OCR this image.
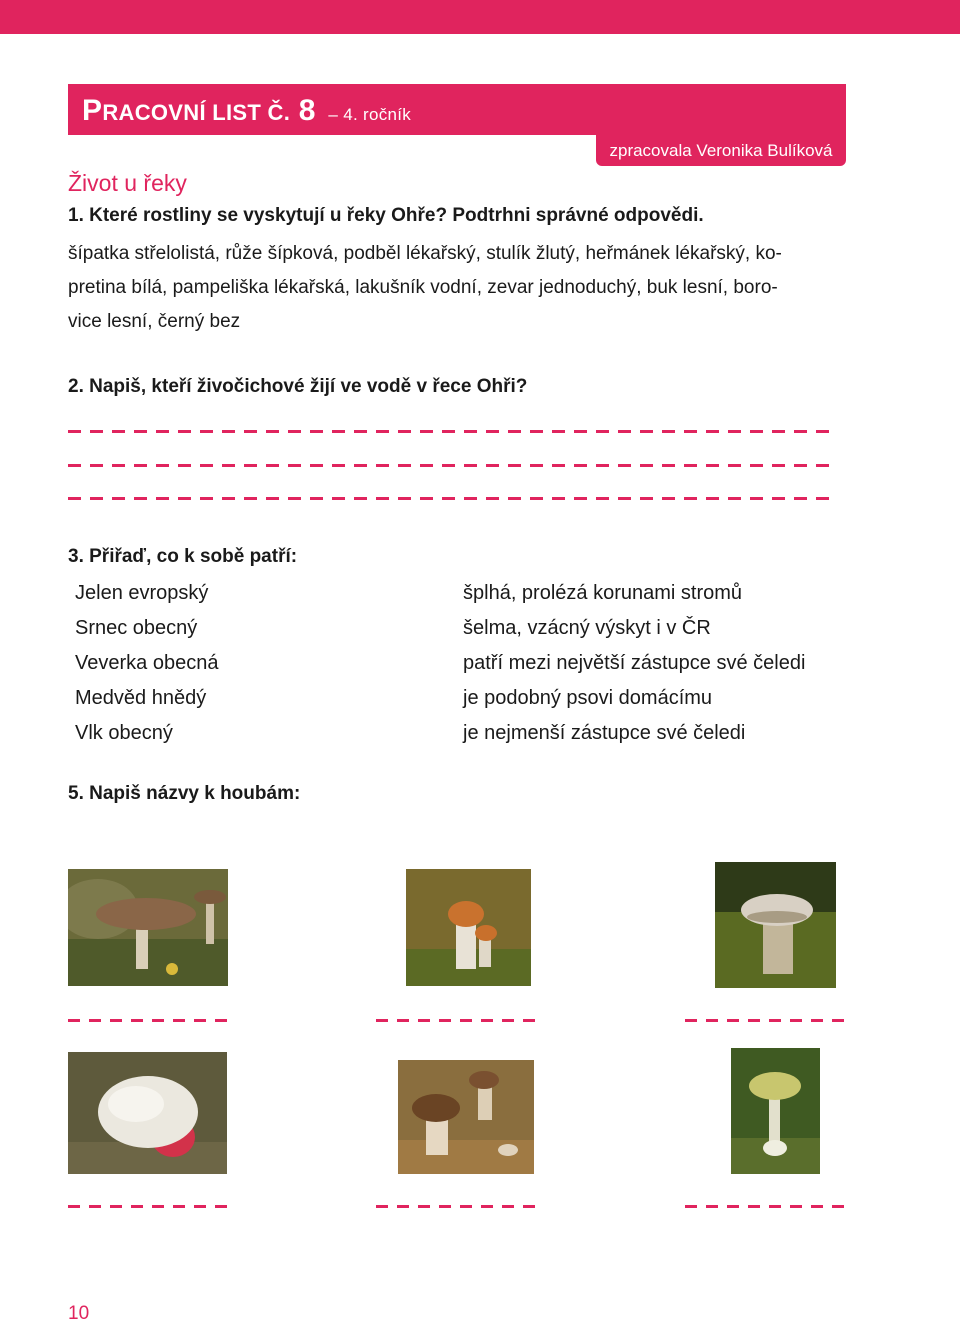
PRACOVNÍ LIST Č. 8 – 4. ročník
zpracovala Veronika Bulíková
Život u řeky
1. Které rostliny se vyskytují u řeky Ohře? Podtrhni správné odpovědi.
šípatka střelolistá, růže šípková, podběl lékařský, stulík žlutý, heřmánek lékařský, ko-
pretina bílá, pampeliška lékařská, lakušník vodní, zevar jednoduchý, buk lesní, boro-
vice lesní, černý bez
2. Napiš, kteří živočichové žijí ve vodě v řece Ohři?
3. Přiřaď, co k sobě patří:
Jelen evropský
Srnec obecný
Veverka obecná
Medvěd hnědý
Vlk obecný
šplhá, prolézá korunami stromů
šelma, vzácný výskyt i v ČR
patří mezi největší zástupce své čeledi
je podobný psovi domácímu
je nejmenší zástupce své čeledi
5. Napiš názvy k houbám:
10
